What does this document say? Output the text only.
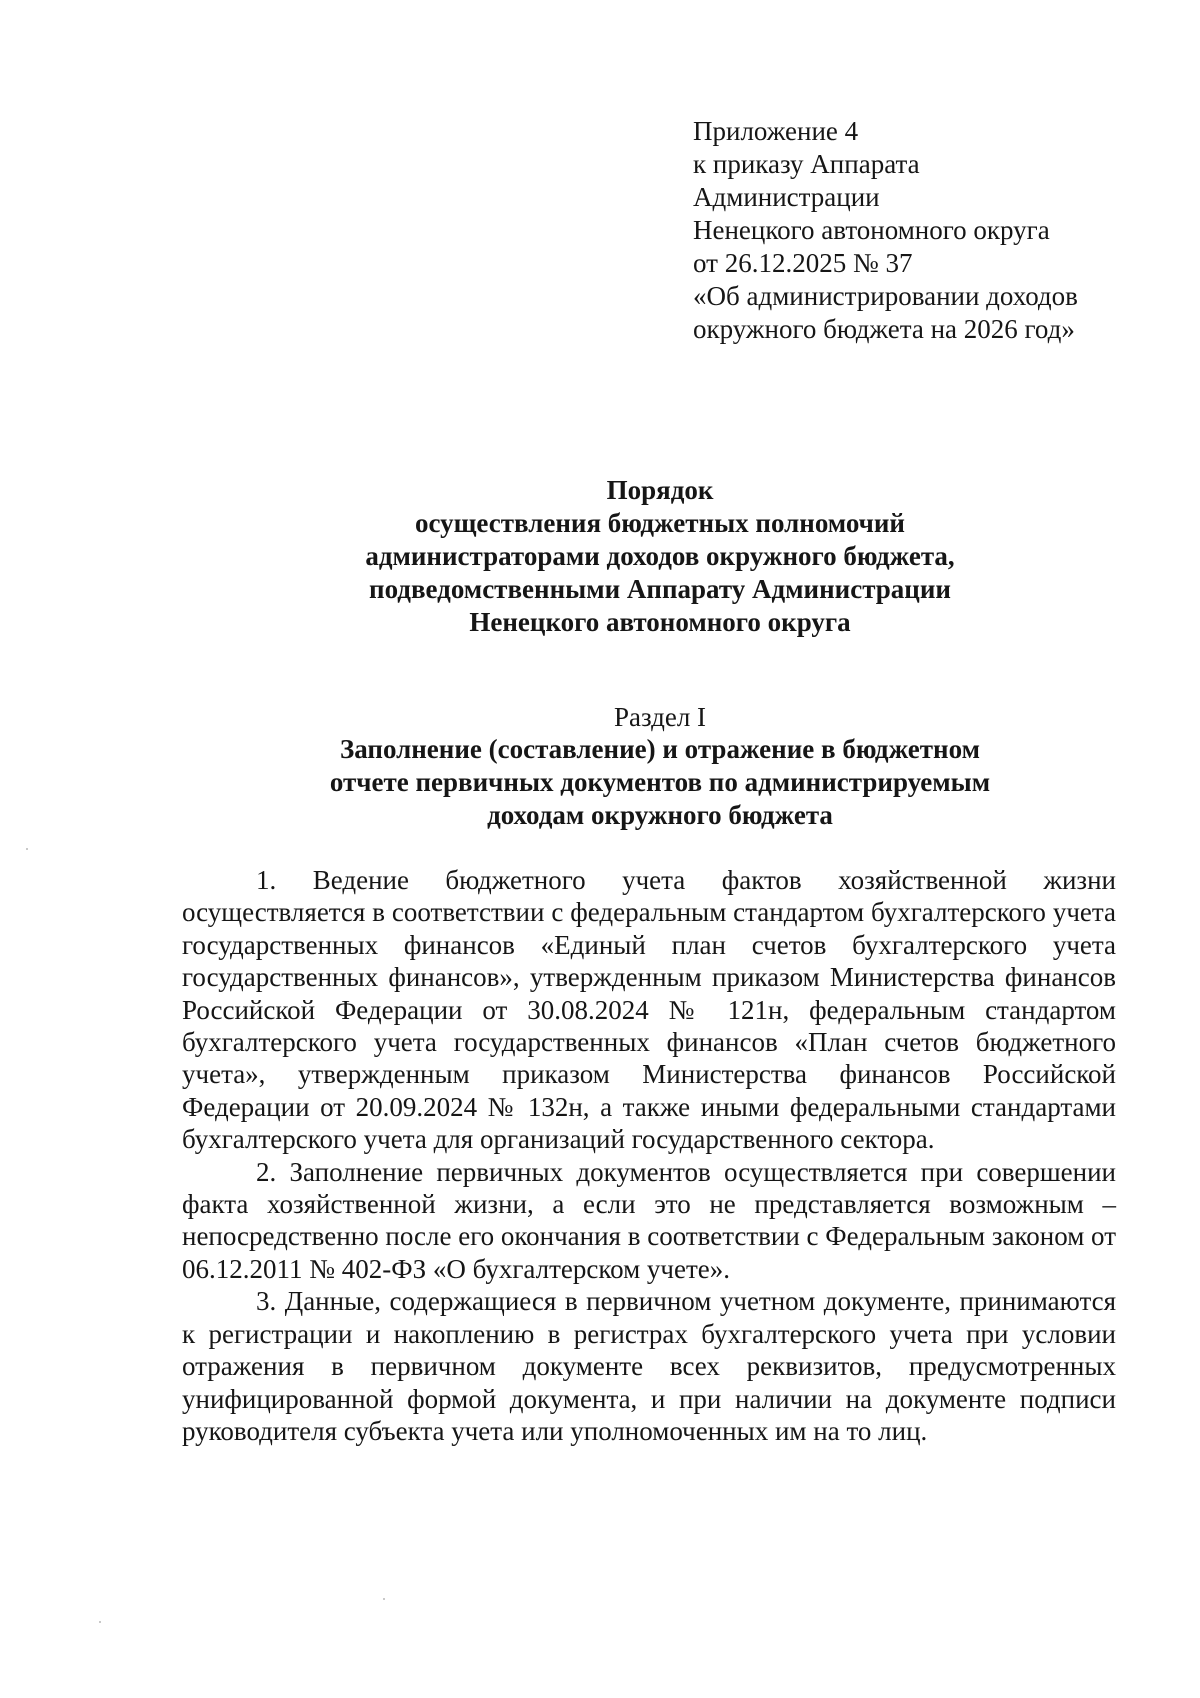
Приложение 4
к приказу Аппарата
Администрации
Ненецкого автономного округа
от 26.12.2025 № 37
«Об администрировании доходов
окружного бюджета на 2026 год»
Порядок
осуществления бюджетных полномочий
администраторами доходов окружного бюджета,
подведомственными Аппарату Администрации
Ненецкого автономного округа
Раздел I
Заполнение (составление) и отражение в бюджетном
отчете первичных документов по администрируемым
доходам окружного бюджета

1. Ведение бюджетного учета фактов хозяйственной жизни осуществляется в соответствии с федеральным стандартом бухгалтерского учета государственных финансов «Единый план счетов бухгалтерского учета государственных финансов», утвержденным приказом Министерства финансов Российской Федерации от 30.08.2024 № 121н, федеральным стандартом бухгалтерского учета государственных финансов «План счетов бюджетного учета», утвержденным приказом Министерства финансов Российской Федерации от 20.09.2024 № 132н, а также иными федеральными стандартами бухгалтерского учета для организаций государственного сектора.

2. Заполнение первичных документов осуществляется при совершении факта хозяйственной жизни, а если это не представляется возможным – непосредственно после его окончания в соответствии с Федеральным законом от 06.12.2011 № 402-ФЗ «О бухгалтерском учете».

3. Данные, содержащиеся в первичном учетном документе, принимаются к регистрации и накоплению в регистрах бухгалтерского учета при условии отражения в первичном документе всех реквизитов, предусмотренных унифицированной формой документа, и при наличии на документе подписи руководителя субъекта учета или уполномоченных им на то лиц.
